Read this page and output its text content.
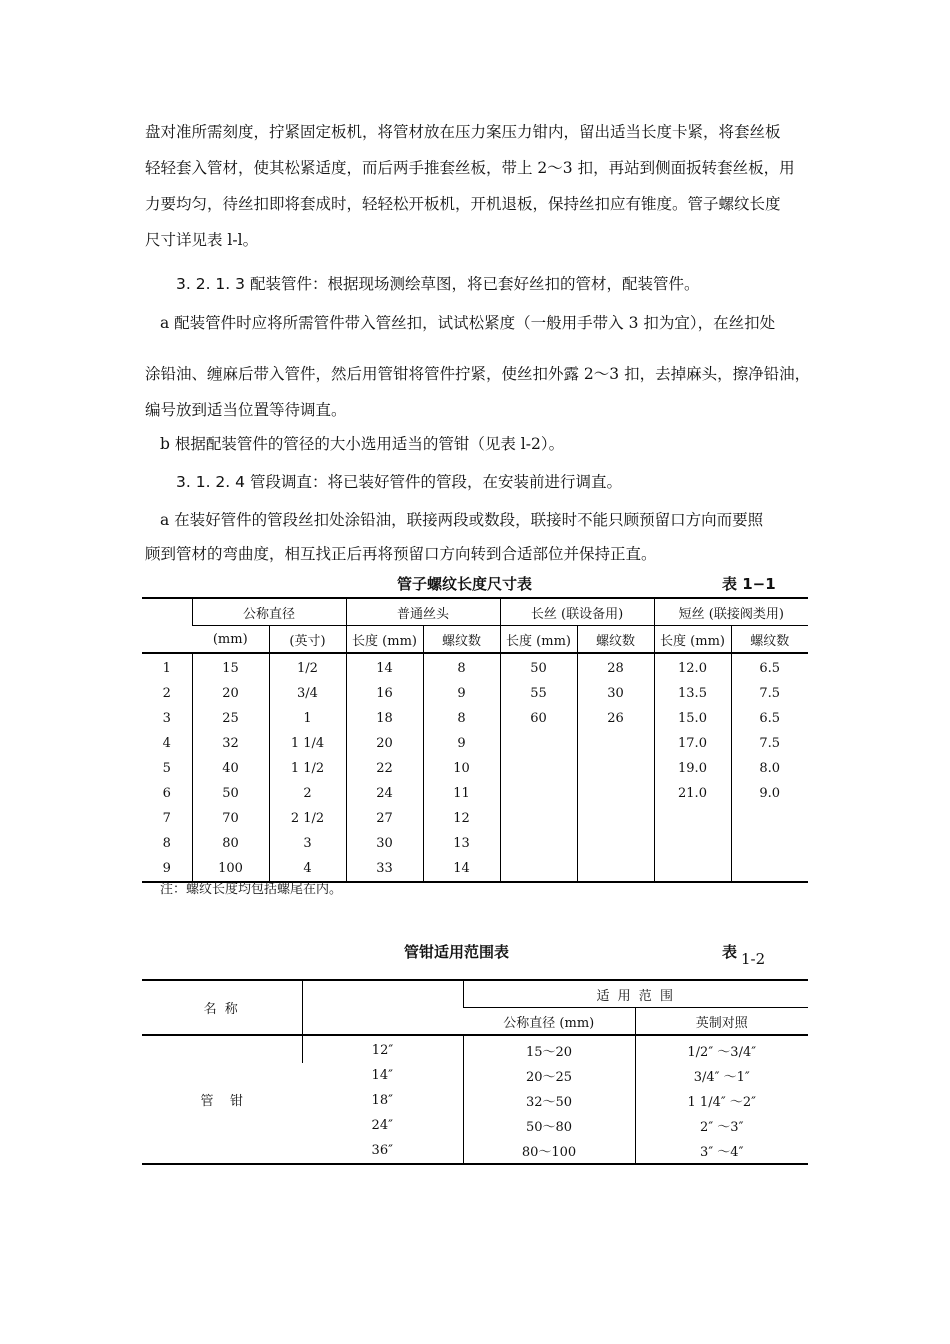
盘对准所需刻度，拧紧固定板机，将管材放在压力案压力钳内，留出适当长度卡紧，将套丝板

轻轻套入管材，使其松紧适度，而后两手推套丝板，带上 2～3 扣，再站到侧面扳转套丝板，用

力要均匀，待丝扣即将套成时，轻轻松开板机，开机退板，保持丝扣应有锥度。管子螺纹长度

尺寸详见表 l-l。

3. 2. 1. 3 配装管件：根据现场测绘草图，将已套好丝扣的管材，配装管件。
a 配装管件时应将所需管件带入管丝扣，试试松紧度（一般用手带入 3 扣为宜），在丝扣处

涂铅油、缠麻后带入管件，然后用管钳将管件拧紧，使丝扣外露 2～3 扣，去掉麻头，擦净铅油，

编号放到适当位置等待调直。

b 根据配装管件的管径的大小选用适当的管钳（见表 l-2）。
3. 1. 2. 4 管段调直：将已装好管件的管段，在安装前进行调直。
a 在装好管件的管段丝扣处涂铅油，联接两段或数段，联接时不能只顾预留口方向而要照

顾到管材的弯曲度，相互找正后再将预留口方向转到合适部位并保持正直。

管子螺纹长度尺寸表	表 1−1
	公称直径		普通丝头		长丝 (联设备用)		短丝 (联接阀类用)	
	(mm)	(英寸)	长度 (mm)	螺纹数	长度 (mm)	螺纹数	长度 (mm)	螺纹数
1	15	1/2	14	8	50	28	12.0	6.5
2	20	3/4	16	9	55	30	13.5	7.5
3	25	1	18	8	60	26	15.0	6.5
4	32	1 1/4	20	9			17.0	7.5
5	40	1 1/2	22	10			19.0	8.0
6	50	2	24	11			21.0	9.0
7	70	2 1/2	27	12				
8	80	3	30	13				
9	100	4	33	14				
注：螺纹长度均包括螺尾在内。
管钳适用范围表	表 1-2
名 称		适 用 范 围	
		公称直径 (mm)	英制对照
管    钳	12″	15～20	1/2″ ～3/4″
	14″	20～25	3/4″ ～1″
	18″	32～50	1 1/4″ ～2″
	24″	50～80	2″ ～3″
	36″	80～100	3″ ～4″
